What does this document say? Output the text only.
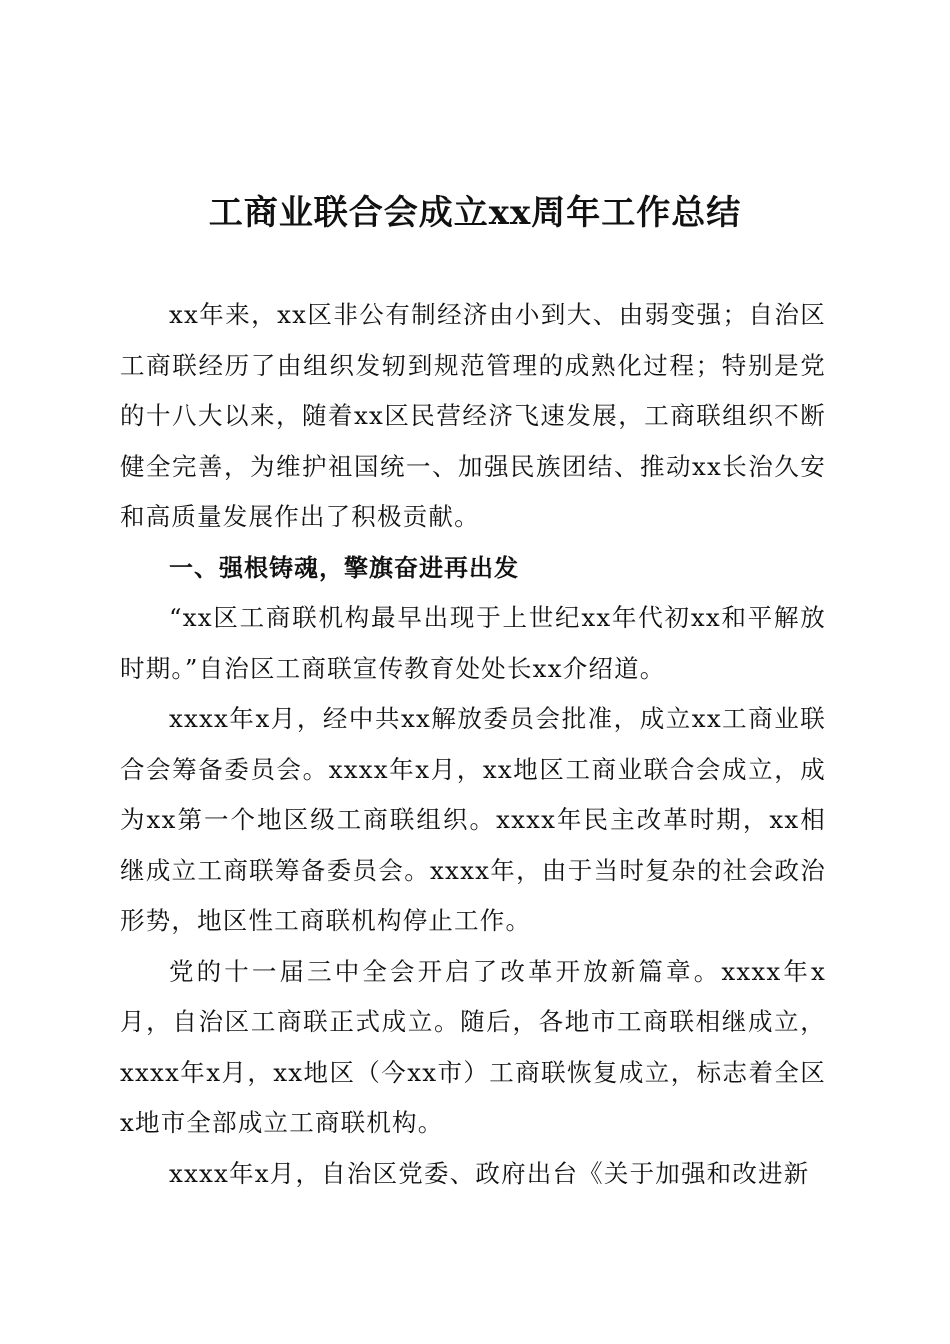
工商业联合会成立xx周年工作总结

xx年来，xx区非公有制经济由小到大、由弱变强；自治区工商联经历了由组织发轫到规范管理的成熟化过程；特别是党的十八大以来，随着xx区民营经济飞速发展，工商联组织不断健全完善，为维护祖国统一、加强民族团结、推动xx长治久安和高质量发展作出了积极贡献。

一、强根铸魂，擎旗奋进再出发

“xx区工商联机构最早出现于上世纪xx年代初xx和平解放时期。”自治区工商联宣传教育处处长xx介绍道。

xxxx年x月，经中共xx解放委员会批准，成立xx工商业联合会筹备委员会。xxxx年x月，xx地区工商业联合会成立，成为xx第一个地区级工商联组织。xxxx年民主改革时期，xx相继成立工商联筹备委员会。xxxx年，由于当时复杂的社会政治形势，地区性工商联机构停止工作。

党的十一届三中全会开启了改革开放新篇章。xxxx年x月，自治区工商联正式成立。随后，各地市工商联相继成立，xxxx年x月，xx地区（今xx市）工商联恢复成立，标志着全区x地市全部成立工商联机构。

xxxx年x月，自治区党委、政府出台《关于加强和改进新
